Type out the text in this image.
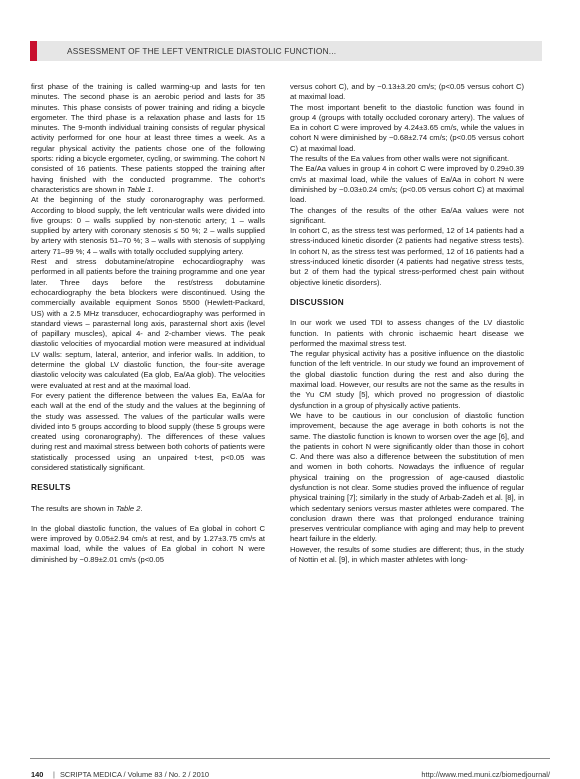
ASSESSMENT OF THE LEFT VENTRICLE DIASTOLIC FUNCTION...

first phase of the training is called warming-up and lasts for ten minutes. The second phase is an aerobic period and lasts for 35 minutes. This phase consists of power training and riding a bicycle ergometer. The third phase is a relaxation phase and lasts for 15 minutes. The 9-month individual training consists of regular physical activity performed for one hour at least three times a week. As a regular physical activity the patients chose one of the following sports: riding a bicycle ergometer, cycling, or swimming. The cohort N consisted of 16 patients. These patients stopped the training after having finished with the conducted programme. The cohort’s characteristics are shown in Table 1.

At the beginning of the study coronarography was performed. According to blood supply, the left ventricular walls were divided into five groups: 0 – walls supplied by non-stenotic artery; 1 – walls supplied by artery with coronary stenosis ≤ 50 %; 2 – walls supplied by artery with stenosis 51–70 %; 3 – walls with stenosis of supplying artery 71–99 %; 4 – walls with totally occluded supplying artery.

Rest and stress dobutamine/atropine echocardiography was performed in all patients before the training programme and one year later. Three days before the rest/stress dobutamine echocardiography the beta blockers were discontinued. Using the commercially available equipment Sonos 5500 (Hewlett-Packard, US) with a 2.5 MHz transducer, echocardiography was performed in standard views – parasternal long axis, parasternal short axis (level of papillary muscles), apical 4- and 2-chamber views. The peak diastolic velocities of myocardial motion were measured at individual LV walls: septum, lateral, anterior, and inferior walls. In addition, to determine the global LV diastolic function, the four-site average diastolic velocity was calculated (Ea glob, Ea/Aa glob). The velocities were evaluated at rest and at the maximal load.

For every patient the difference between the values Ea, Ea/Aa for each wall at the end of the study and the values at the beginning of the study was assessed. The values of the particular walls were divided into 5 groups according to blood supply (these 5 groups were created using coronarography). The differences of these values during rest and maximal stress between both cohorts of patients were statistically processed using an unpaired t-test, p<0.05 was considered statistically significant.

RESULTS

The results are shown in Table 2.

In the global diastolic function, the values of Ea global in cohort C were improved by 0.05±2.94 cm/s at rest, and by 1.27±3.75 cm/s at maximal load, while the values of Ea global in cohort N were diminished by −0.89±2.01 cm/s (p<0.05

versus cohort C), and by −0.13±3.20 cm/s; (p<0.05 versus cohort C) at maximal load.

The most important benefit to the diastolic function was found in group 4 (groups with totally occluded coronary artery). The values of Ea in cohort C were improved by 4.24±3.65 cm/s, while the values in cohort N were diminished by −0.68±2.74 cm/s; (p<0.05 versus cohort C) at maximal load.

The results of the Ea values from other walls were not significant.

The Ea/Aa values in group 4 in cohort C were improved by 0.29±0.39 cm/s at maximal load, while the values of Ea/Aa in cohort N were diminished by −0.03±0.24 cm/s; (p<0.05 versus cohort C) at maximal load.

The changes of the results of the other Ea/Aa values were not significant.

In cohort C, as the stress test was performed, 12 of 14 patients had a stress-induced kinetic disorder (2 patients had negative stress tests). In cohort N, as the stress test was performed, 12 of 16 patients had a stress-induced kinetic disorder (4 patients had negative stress tests, but 2 of them had the typical stress-performed chest pain without objective kinetic disorders).

DISCUSSION

In our work we used TDI to assess changes of the LV diastolic function. In patients with chronic ischaemic heart disease we performed the maximal stress test.

The regular physical activity has a positive influence on the diastolic function of the left ventricle. In our study we found an improvement of the global diastolic function during the rest and also during the maximal load. However, our results are not the same as the results in the Yu CM study [5], which proved no progression of diastolic dysfunction in a group of physically active patients.

We have to be cautious in our conclusion of diastolic function improvement, because the age average in both cohorts is not the same. The diastolic function is known to worsen over the age [6], and the patients in cohort N were significantly older than those in cohort C. And there was also a difference between the substitution of men and women in both cohorts. Nowadays the influence of regular physical training on the progression of age-caused diastolic dysfunction is not clear. Some studies proved the influence of regular physical training [7]; similarly in the study of Arbab-Zadeh et al. [8], in which sedentary seniors versus master athletes were compared. The conclusion drawn there was that prolonged endurance training preserves ventricular compliance with aging and may help to prevent heart failure in the elderly.

However, the results of some studies are different; thus, in the study of Nottin et al. [9], in which master athletes with long-

140 | SCRIPTA MEDICA / Volume 83 / No. 2 / 2010	http://www.med.muni.cz/biomedjournal/
